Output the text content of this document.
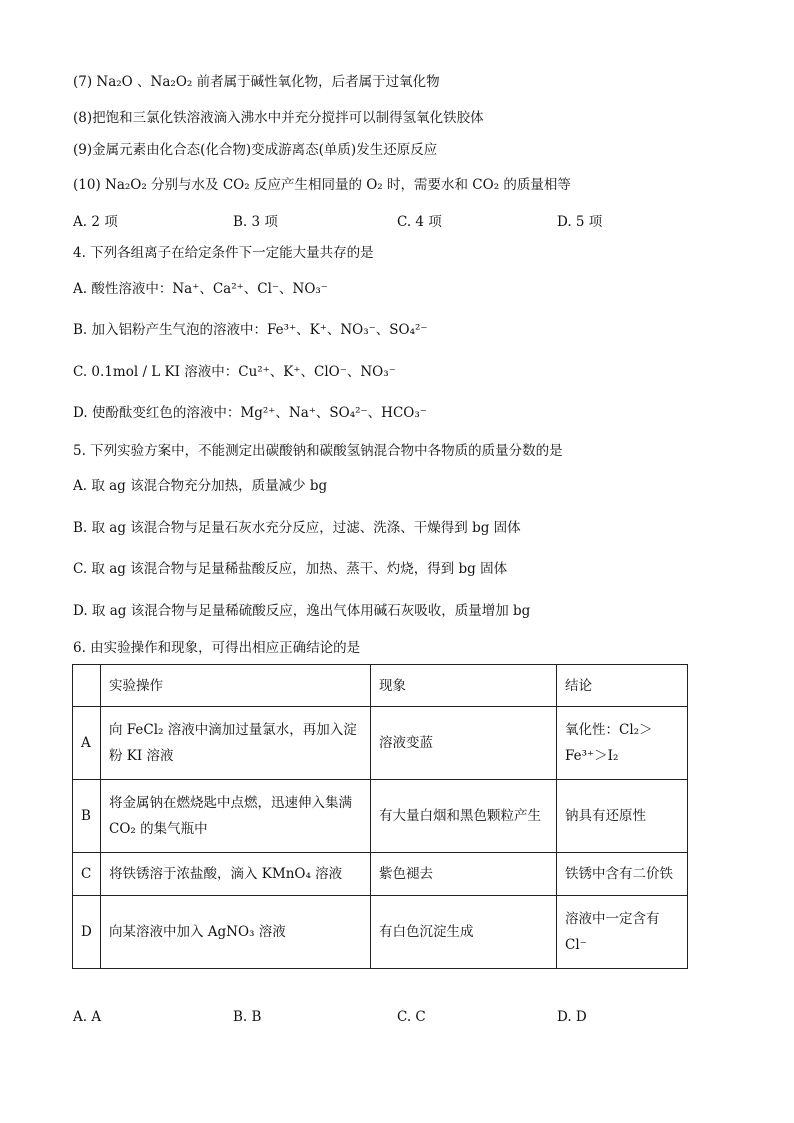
(7) Na₂O 、Na₂O₂ 前者属于碱性氧化物，后者属于过氧化物
(8)把饱和三氯化铁溶液滴入沸水中并充分搅拌可以制得氢氧化铁胶体
(9)金属元素由化合态(化合物)变成游离态(单质)发生还原反应
(10) Na₂O₂ 分别与水及 CO₂ 反应产生相同量的 O₂ 时，需要水和 CO₂ 的质量相等
A. 2 项	B. 3 项	C. 4 项	D. 5 项
4. 下列各组离子在给定条件下一定能大量共存的是
A. 酸性溶液中：Na⁺、Ca²⁺、Cl⁻、NO₃⁻
B. 加入铝粉产生气泡的溶液中：Fe³⁺、K⁺、NO₃⁻、SO₄²⁻
C. 0.1mol / L KI 溶液中：Cu²⁺、K⁺、ClO⁻、NO₃⁻
D. 使酚酞变红色的溶液中：Mg²⁺、Na⁺、SO₄²⁻、HCO₃⁻
5. 下列实验方案中，不能测定出碳酸钠和碳酸氢钠混合物中各物质的质量分数的是
A. 取 ag 该混合物充分加热，质量减少 bg
B. 取 ag 该混合物与足量石灰水充分反应，过滤、洗涤、干燥得到 bg 固体
C. 取 ag 该混合物与足量稀盐酸反应，加热、蒸干、灼烧，得到 bg 固体
D. 取 ag 该混合物与足量稀硫酸反应，逸出气体用碱石灰吸收，质量增加 bg
6. 由实验操作和现象，可得出相应正确结论的是
	实验操作	现象	结论
A	向 FeCl₂ 溶液中滴加过量氯水，再加入淀粉 KI 溶液	溶液变蓝	氧化性：Cl₂＞Fe³⁺＞I₂
B	将金属钠在燃烧匙中点燃，迅速伸入集满 CO₂ 的集气瓶中	有大量白烟和黑色颗粒产生	钠具有还原性
C	将铁锈溶于浓盐酸，滴入 KMnO₄ 溶液	紫色褪去	铁锈中含有二价铁
D	向某溶液中加入 AgNO₃ 溶液	有白色沉淀生成	溶液中一定含有 Cl⁻
A. A	B. B	C. C	D. D
